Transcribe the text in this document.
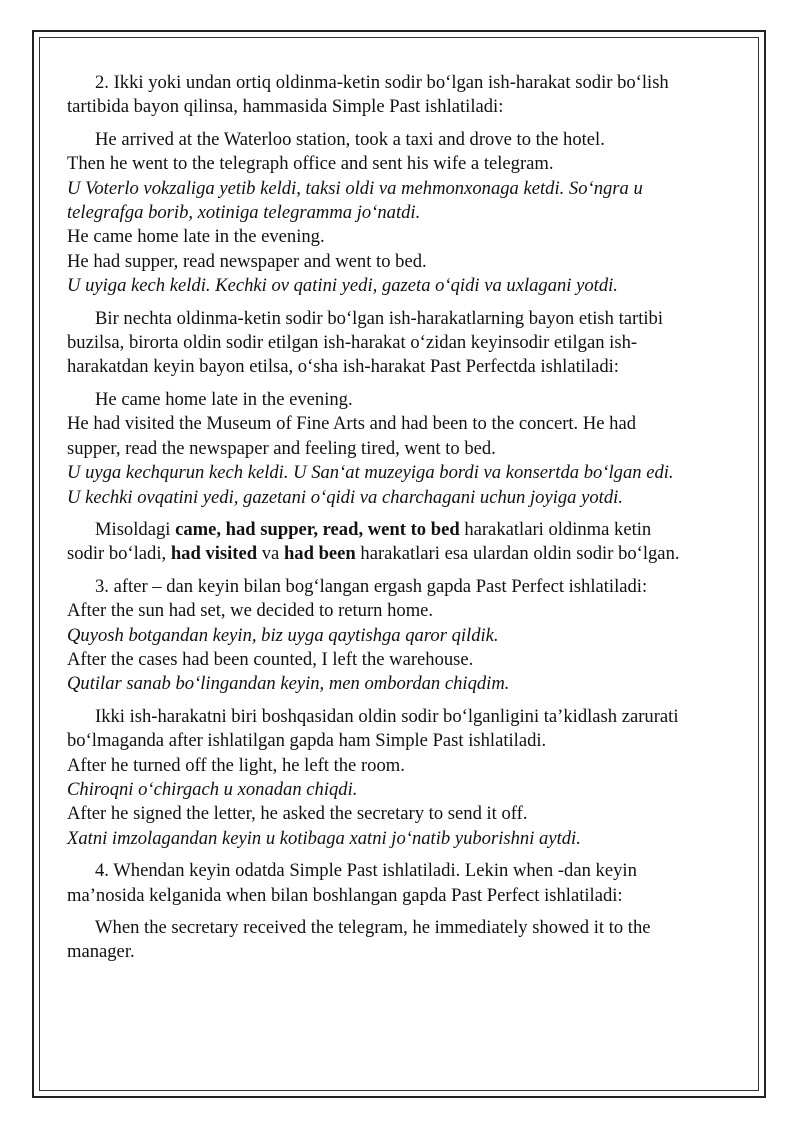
2. Ikki yoki undan ortiq oldinma-ketin sodir bo‘lgan ish-harakat sodir bo‘lish
tartibida bayon qilinsa, hammasida Simple Past ishlatiladi:
He arrived at the Waterloo station, took a taxi and drove to the hotel.
Then he went to the telegraph office and sent his wife a telegram.
U Voterlo vokzaliga yetib keldi, taksi oldi va mehmonxonaga ketdi. So‘ngra u
telegrafga borib, xotiniga telegramma jo‘natdi.
He came home late in the evening.
He had supper, read newspaper and went to bed.
U uyiga kech keldi. Kechki ov qatini yedi, gazeta o‘qidi va uxlagani yotdi.
Bir nechta oldinma-ketin sodir bo‘lgan ish-harakatlarning bayon etish tartibi
buzilsa, birorta oldin sodir etilgan ish-harakat o‘zidan keyinsodir etilgan ish-
harakatdan keyin bayon etilsa, o‘sha ish-harakat Past Perfectda ishlatiladi:
He came home late in the evening.
He had visited the Museum of Fine Arts and had been to the concert. He had
supper, read the newspaper and feeling tired, went to bed.
U uyga kechqurun kech keldi. U San‘at muzeyiga bordi va konsertda bo‘lgan edi.
U kechki ovqatini yedi, gazetani o‘qidi va charchagani uchun joyiga yotdi.
Misoldagi came, had supper, read, went to bed harakatlari oldinma ketin
sodir bo‘ladi, had visited va had been harakatlari esa ulardan oldin sodir bo‘lgan.
3. after – dan keyin bilan bog‘langan ergash gapda Past Perfect ishlatiladi:
After the sun had set, we decided to return home.
Quyosh botgandan keyin, biz uyga qaytishga qaror qildik.
After the cases had been counted, I left the warehouse.
Qutilar sanab bo‘lingandan keyin, men ombordan chiqdim.
Ikki ish-harakatni biri boshqasidan oldin sodir bo‘lganligini ta’kidlash zarurati
bo‘lmaganda after ishlatilgan gapda ham Simple Past ishlatiladi.
After he turned off the light, he left the room.
Chiroqni o‘chirgach u xonadan chiqdi.
After he signed the letter, he asked the secretary to send it off.
Xatni imzolagandan keyin u kotibaga xatni jo‘natib yuborishni aytdi.
4. Whendan keyin odatda Simple Past ishlatiladi. Lekin when -dan keyin
ma’nosida kelganida when bilan boshlangan gapda Past Perfect ishlatiladi:
When the secretary received the telegram, he immediately showed it to the
manager.
